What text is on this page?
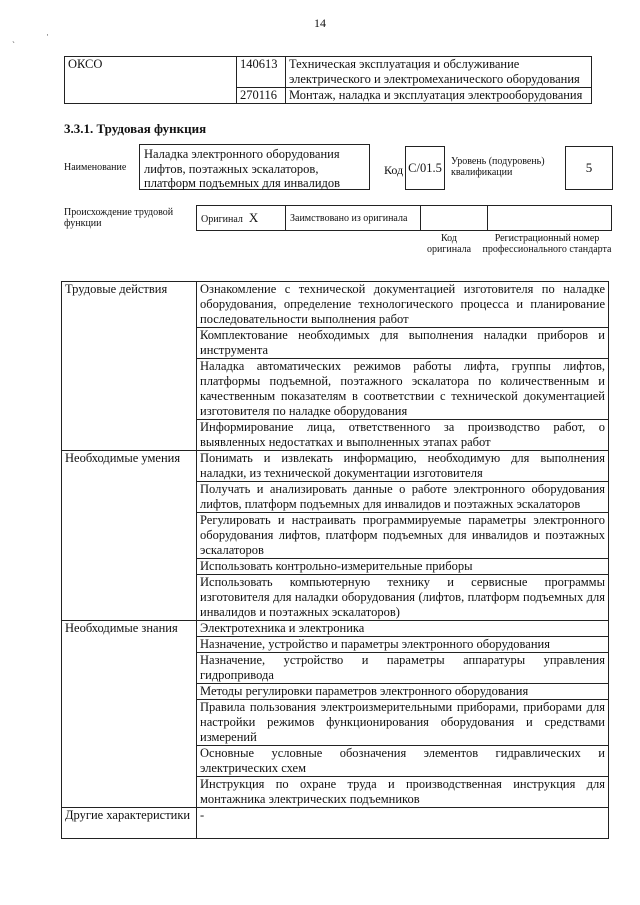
14
ˋ
·
ОКСО	140613	Техническая эксплуатация и обслуживание электрического и электромеханического оборудования
	270116	Монтаж, наладка и эксплуатация электрооборудования
3.3.1. Трудовая функция
Наименование
Наладка электронного оборудования лифтов, поэтажных эскалаторов, платформ подъемных для инвалидов
Код C/01.5 Уровень (подуровень) квалификации	5
Происхождение трудовой функции	Оригинал X	Заимствовано из оригинала		
Код оригинала
Регистрационный номер профессионального стандарта
Трудовые действия	Ознакомление с технической документацией изготовителя по наладке оборудования, определение технологического процесса и планирование последовательности выполнения работ
	Комплектование необходимых для выполнения наладки приборов и инструмента
	Наладка автоматических режимов работы лифта, группы лифтов, платформы подъемной, поэтажного эскалатора по количественным и качественным показателям в соответствии с технической документацией изготовителя по наладке оборудования
	Информирование лица, ответственного за производство работ, о выявленных недостатках и выполненных этапах работ
Необходимые умения	Понимать и извлекать информацию, необходимую для выполнения наладки, из технической документации изготовителя
	Получать и анализировать данные о работе электронного оборудования лифтов, платформ подъемных для инвалидов и поэтажных эскалаторов
	Регулировать и настраивать программируемые параметры электронного оборудования лифтов, платформ подъемных для инвалидов и поэтажных эскалаторов
	Использовать контрольно-измерительные приборы
	Использовать компьютерную технику и сервисные программы изготовителя для наладки оборудования (лифтов, платформ подъемных для инвалидов и поэтажных эскалаторов)
Необходимые знания	Электротехника и электроника
	Назначение, устройство и параметры электронного оборудования
	Назначение, устройство и параметры аппаратуры управления гидропривода
	Методы регулировки параметров электронного оборудования
	Правила пользования электроизмерительными приборами, приборами для настройки режимов функционирования оборудования и средствами измерений
	Основные условные обозначения элементов гидравлических и электрических схем
	Инструкция по охране труда и производственная инструкция для монтажника электрических подъемников
Другие характеристики	-
